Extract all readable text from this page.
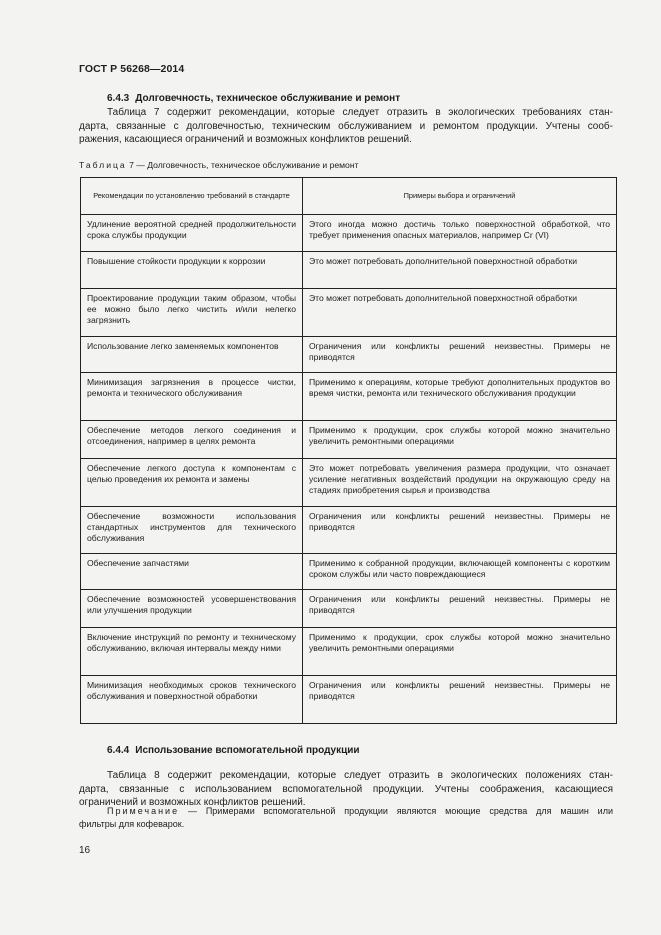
ГОСТ Р 56268—2014
6.4.3 Долговечность, техническое обслуживание и ремонт

Таблица 7 содержит рекомендации, которые следует отразить в экологических требованиях стан-
дарта, связанные с долговечностью, техническим обслуживанием и ремонтом продукции. Учтены сооб-
ражения, касающиеся ограничений и возможных конфликтов решений.

Таблица 7 — Долговечность, техническое обслуживание и ремонт
Рекомендации по установлению требований в стандарте	Примеры выбора и ограничений
Удлинение вероятной средней продолжительности срока службы продукции	Этого иногда можно достичь только поверхностной обработкой, что требует применения опасных материалов, например Cr (VI)
Повышение стойкости продукции к коррозии	Это может потребовать дополнительной поверхностной обработки
Проектирование продукции таким образом, чтобы ее можно было легко чистить и/или нелегко загрязнить	Это может потребовать дополнительной поверхностной обработки
Использование легко заменяемых компонентов	Ограничения или конфликты решений неизвестны. Примеры не приводятся
Минимизация загрязнения в процессе чистки, ремонта и технического обслуживания	Применимо к операциям, которые требуют дополнительных продуктов во время чистки, ремонта или технического обслуживания продукции
Обеспечение методов легкого соединения и отсоединения, например в целях ремонта	Применимо к продукции, срок службы которой можно значительно увеличить ремонтными операциями
Обеспечение легкого доступа к компонентам с целью проведения их ремонта и замены	Это может потребовать увеличения размера продукции, что означает усиление негативных воздействий продукции на окружающую среду на стадиях приобретения сырья и производства
Обеспечение возможности использования стандартных инструментов для технического обслуживания	Ограничения или конфликты решений неизвестны. Примеры не приводятся
Обеспечение запчастями	Применимо к собранной продукции, включающей компоненты с коротким сроком службы или часто повреждающиеся
Обеспечение возможностей усовершенствования или улучшения продукции	Ограничения или конфликты решений неизвестны. Примеры не приводятся
Включение инструкций по ремонту и техническому обслуживанию, включая интервалы между ними	Применимо к продукции, срок службы которой можно значительно увеличить ремонтными операциями
Минимизация необходимых сроков технического обслуживания и поверхностной обработки	Ограничения или конфликты решений неизвестны. Примеры не приводятся
6.4.4 Использование вспомогательной продукции

Таблица 8 содержит рекомендации, которые следует отразить в экологических положениях стан-
дарта, связанные с использованием вспомогательной продукции. Учтены соображения, касающиеся
ограничений и возможных конфликтов решений.

Примечание — Примерами вспомогательной продукции являются моющие средства для машин или
фильтры для кофеварок.

16
